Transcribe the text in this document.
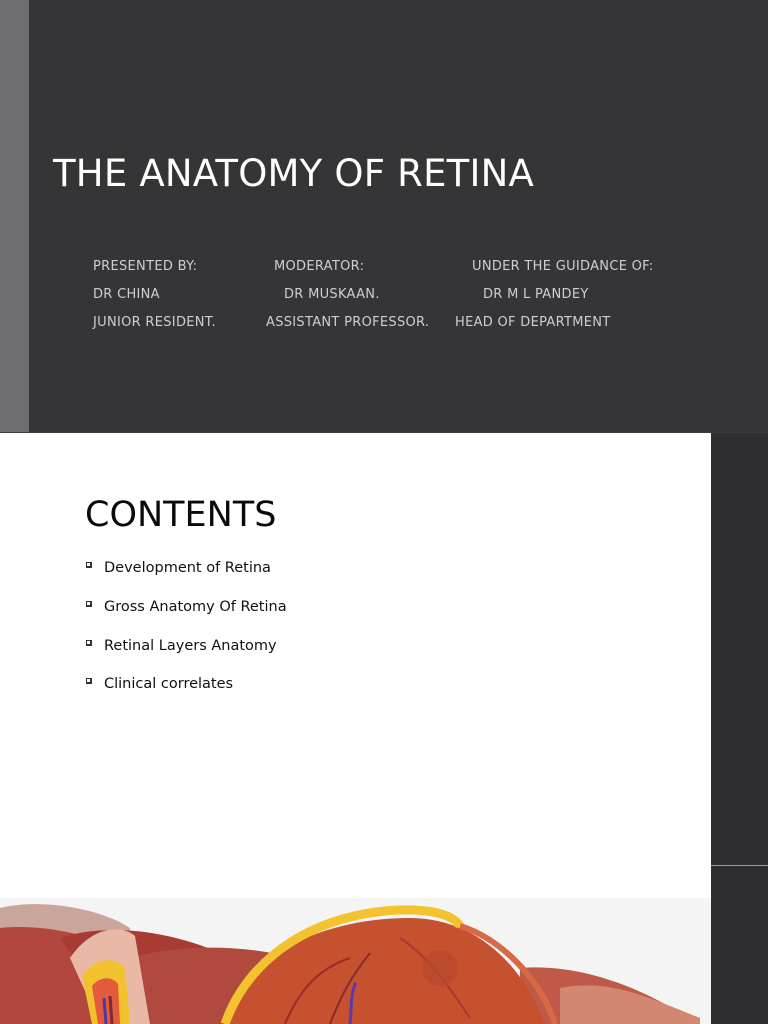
THE ANATOMY OF RETINA
PRESENTED BY:
DR CHINA
JUNIOR RESIDENT.
MODERATOR:
DR MUSKAAN.
ASSISTANT PROFESSOR.
UNDER THE GUIDANCE OF:
DR M L PANDEY
HEAD OF DEPARTMENT
CONTENTS
Development of Retina
Gross Anatomy Of Retina
Retinal Layers Anatomy
Clinical correlates
